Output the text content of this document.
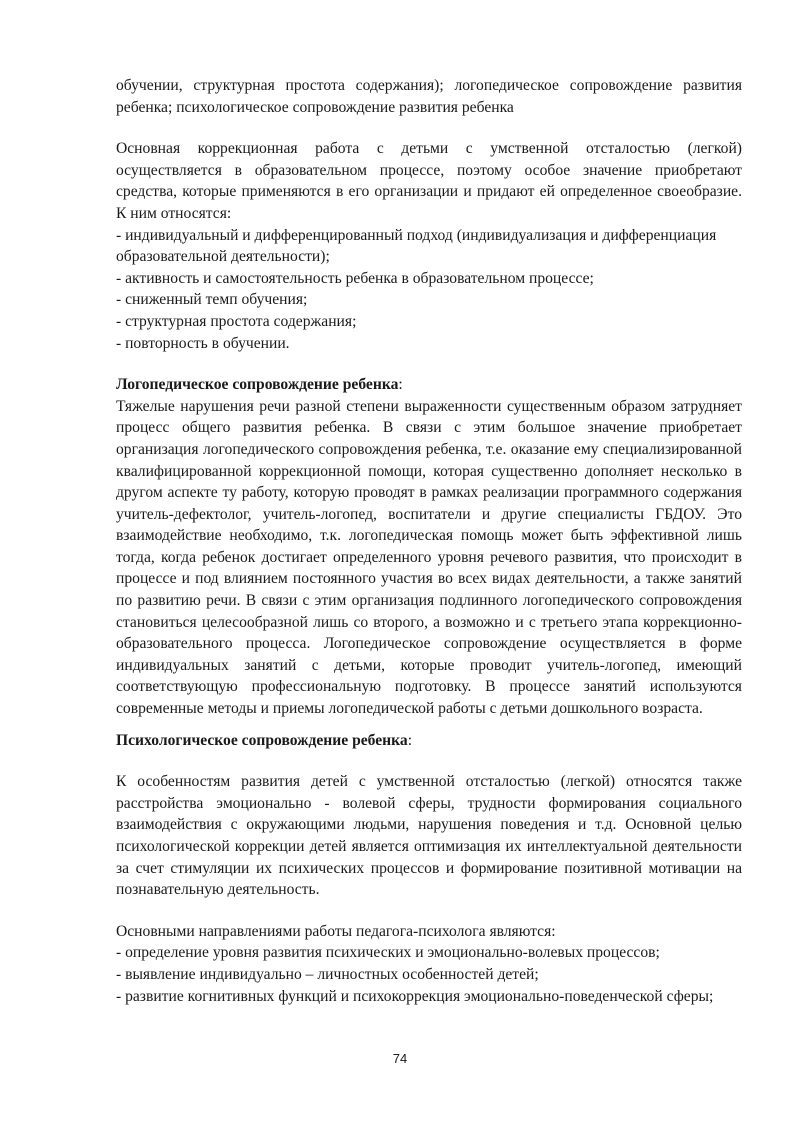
обучении, структурная простота содержания); логопедическое сопровождение развития ребенка; психологическое сопровождение развития ребенка

Основная коррекционная работа с детьми с умственной отсталостью (легкой) осуществляется в образовательном процессе, поэтому особое значение приобретают средства, которые применяются в его организации и придают ей определенное своеобразие. К ним относятся:

- индивидуальный и дифференцированный подход (индивидуализация и дифференциация образовательной деятельности);
- активность и самостоятельность ребенка в образовательном процессе;
- сниженный темп обучения;
- структурная простота содержания;
- повторность в обучении.

Логопедическое сопровождение ребенка:

Тяжелые нарушения речи разной степени выраженности существенным образом затрудняет процесс общего развития ребенка. В связи с этим большое значение приобретает организация логопедического сопровождения ребенка, т.е. оказание ему специализированной квалифицированной коррекционной помощи, которая существенно дополняет несколько в другом аспекте ту работу, которую проводят в рамках реализации программного содержания учитель-дефектолог, учитель-логопед, воспитатели и другие специалисты ГБДОУ. Это взаимодействие необходимо, т.к. логопедическая помощь может быть эффективной лишь тогда, когда ребенок достигает определенного уровня речевого развития, что происходит в процессе и под влиянием постоянного участия во всех видах деятельности, а также занятий по развитию речи. В связи с этим организация подлинного логопедического сопровождения становиться целесообразной лишь со второго, а возможно и с третьего этапа коррекционно-образовательного процесса. Логопедическое сопровождение осуществляется в форме индивидуальных занятий с детьми, которые проводит учитель-логопед, имеющий соответствующую профессиональную подготовку. В процессе занятий используются современные методы и приемы логопедической работы с детьми дошкольного возраста.

Психологическое сопровождение ребенка:

К особенностям развития детей с умственной отсталостью (легкой) относятся также расстройства эмоционально - волевой сферы, трудности формирования социального взаимодействия с окружающими людьми, нарушения поведения и т.д. Основной целью психологической коррекции детей является оптимизация их интеллектуальной деятельности за счет стимуляции их психических процессов и формирование позитивной мотивации на познавательную деятельность.

Основными направлениями работы педагога-психолога являются:

- определение уровня развития психических и эмоционально-волевых процессов;
- выявление индивидуально – личностных особенностей детей;
- развитие когнитивных функций и психокоррекция эмоционально-поведенческой сферы;
74
